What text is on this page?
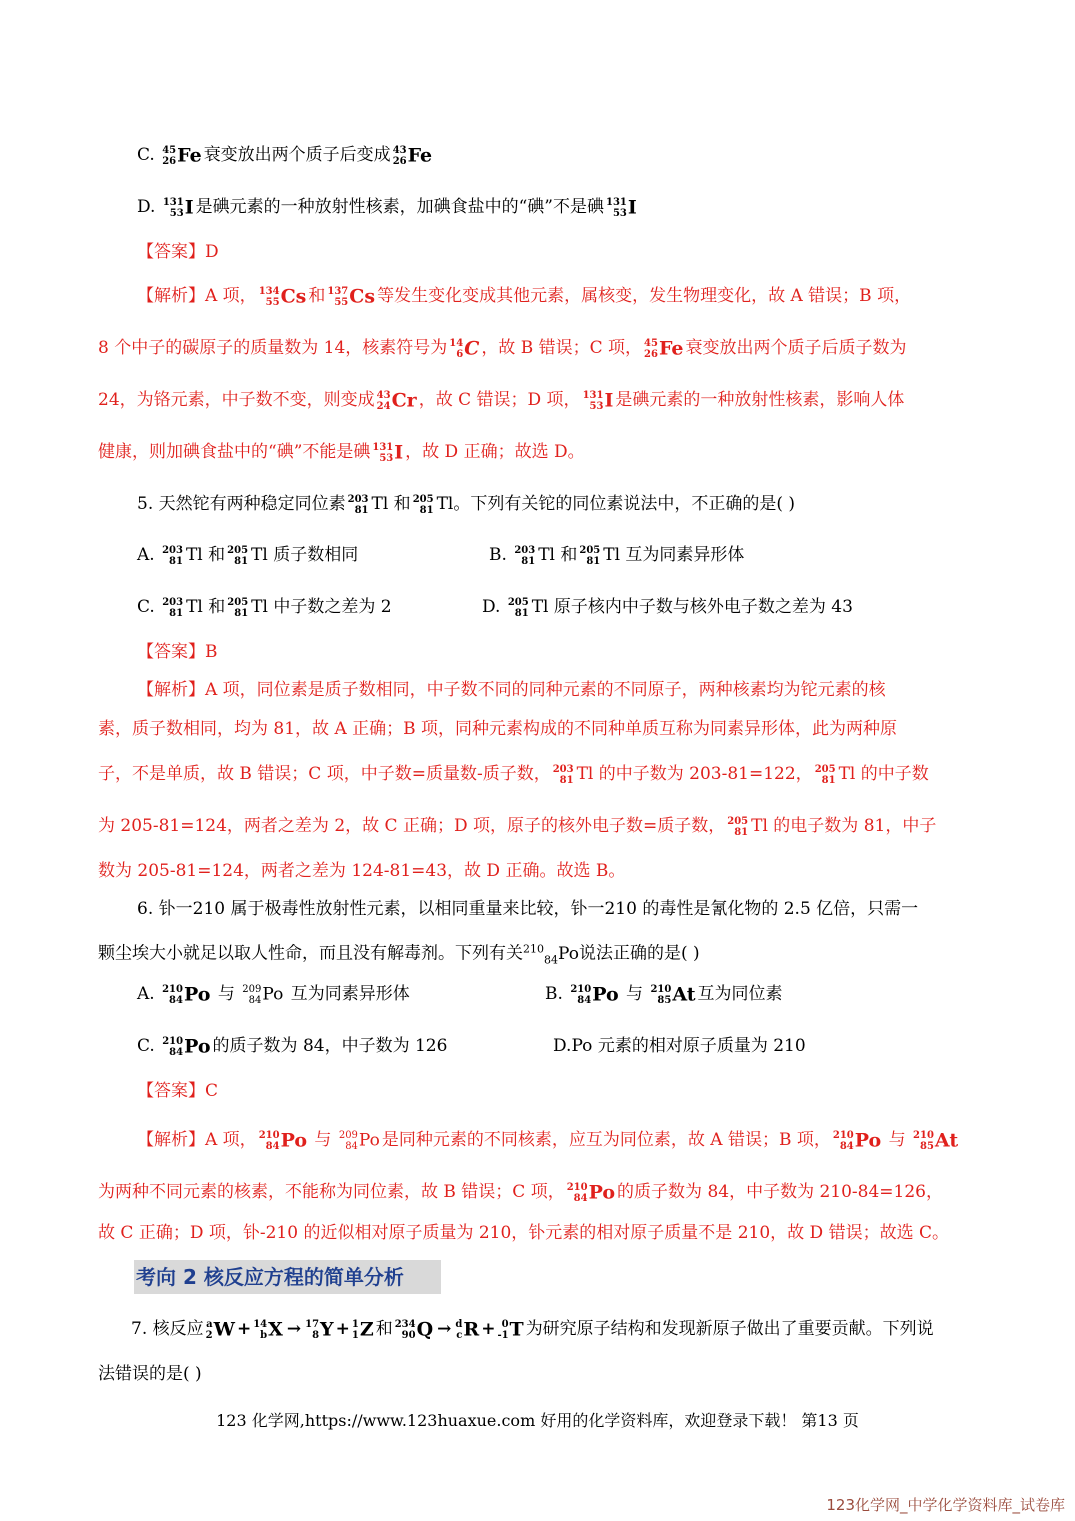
C. 45
26 Fe 衰变放出两个质子后变成 43
26 Fe
D. 131
53 I 是碘元素的一种放射性核素，加碘食盐中的“碘”不是碘 131
53 I
【答案】D
【解析】A 项， 134
55 Cs 和 137
55 Cs 等发生变化变成其他元素，属核变，发生物理变化，故 A 错误；B 项，
8 个中子的碳原子的质量数为 14，核素符号为 14
6 C ，故 B 错误；C 项， 45
26 Fe 衰变放出两个质子后质子数为
24，为铬元素，中子数不变，则变成 43
24 Cr ，故 C 错误；D 项， 131
53 I 是碘元素的一种放射性核素，影响人体
健康，则加碘食盐中的“碘”不能是碘 131
53 I ，故 D 正确；故选 D。
5. 天然铊有两种稳定同位素 203
81 Tl 和 205
81 Tl。下列有关铊的同位素说法中，不正确的是( )
A. 203
81 Tl 和 205
81 Tl 质子数相同	B. 203
81 Tl 和 205
81 Tl 互为同素异形体
C. 203
81 Tl 和 205
81 Tl 中子数之差为 2	D. 205
81 Tl 原子核内中子数与核外电子数之差为 43
【答案】B
【解析】A 项，同位素是质子数相同，中子数不同的同种元素的不同原子，两种核素均为铊元素的核
素，质子数相同，均为 81，故 A 正确；B 项，同种元素构成的不同种单质互称为同素异形体，此为两种原
子，不是单质，故 B 错误；C 项，中子数=质量数-质子数， 203
81 Tl 的中子数为 203-81=122， 205
81 Tl 的中子数
为 205-81=124，两者之差为 2，故 C 正确；D 项，原子的核外电子数=质子数， 205
81 Tl 的电子数为 81，中子
数为 205-81=124，两者之差为 124-81=43，故 D 正确。故选 B。
6. 钋一210 属于极毒性放射性元素，以相同重量来比较，钋一210 的毒性是氰化物的 2.5 亿倍，只需一
颗尘埃大小就足以取人性命，而且没有解毒剂。下列有关$^{210}_{84}$Po说法正确的是( )
A. 210
84 Po 与 209
84 Po 互为同素异形体	B. 210
84 Po 与 210
85 At 互为同位素
C. 210
84 Po 的质子数为 84，中子数为 126	D.Po 元素的相对原子质量为 210
【答案】C
【解析】A 项， 210
84 Po 与 209
84 Po 是同种元素的不同核素，应互为同位素，故 A 错误；B 项， 210
84 Po 与 210
85 At
为两种不同元素的核素，不能称为同位素，故 B 错误；C 项， 210
84 Po 的质子数为 84，中子数为 210-84=126，
故 C 正确；D 项，钋-210 的近似相对原子质量为 210，钋元素的相对原子质量不是 210，故 D 错误；故选 C。
考向 2 核反应方程的简单分析
7. 核反应 a
2 W + 14
b X → 17
8 Y + 1
1 Z 和 234
90 Q → d
c R + 0
-1 T 为研究原子结构和发现新原子做出了重要贡献。下列说
法错误的是( )
123 化学网,https://www.123huaxue.com 好用的化学资料库，欢迎登录下载！ 第13 页
123化学网_中学化学资料库_试卷库
